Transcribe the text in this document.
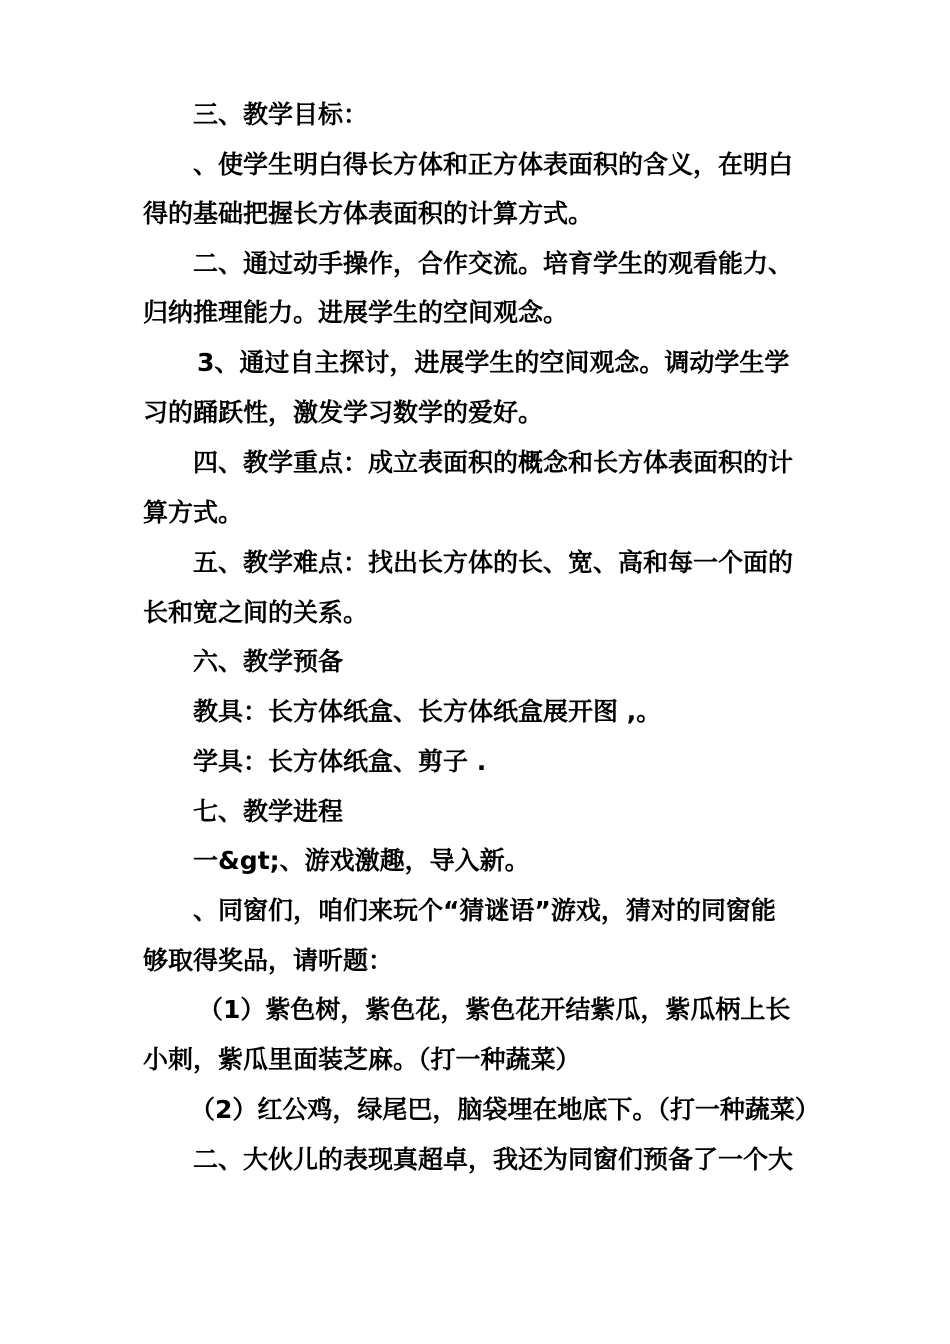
三、教学目标：
、使学生明白得长方体和正方体表面积的含义，在明白
得的基础把握长方体表面积的计算方式。
二、通过动手操作，合作交流。培育学生的观看能力、
归纳推理能力。进展学生的空间观念。
3、通过自主探讨，进展学生的空间观念。调动学生学
习的踊跃性，激发学习数学的爱好。
四、教学重点：成立表面积的概念和长方体表面积的计
算方式。
五、教学难点：找出长方体的长、宽、高和每一个面的
长和宽之间的关系。
六、教学预备
教具：长方体纸盒、长方体纸盒展开图 ,。
学具：长方体纸盒、剪子 .
七、教学进程
一&gt;、游戏激趣，导入新。
、同窗们，咱们来玩个“猜谜语”游戏，猜对的同窗能
够取得奖品，请听题：
（1）紫色树，紫色花，紫色花开结紫瓜，紫瓜柄上长
小刺，紫瓜里面装芝麻。（打一种蔬菜）
（2）红公鸡，绿尾巴，脑袋埋在地底下。（打一种蔬菜）
二、大伙儿的表现真超卓，我还为同窗们预备了一个大
